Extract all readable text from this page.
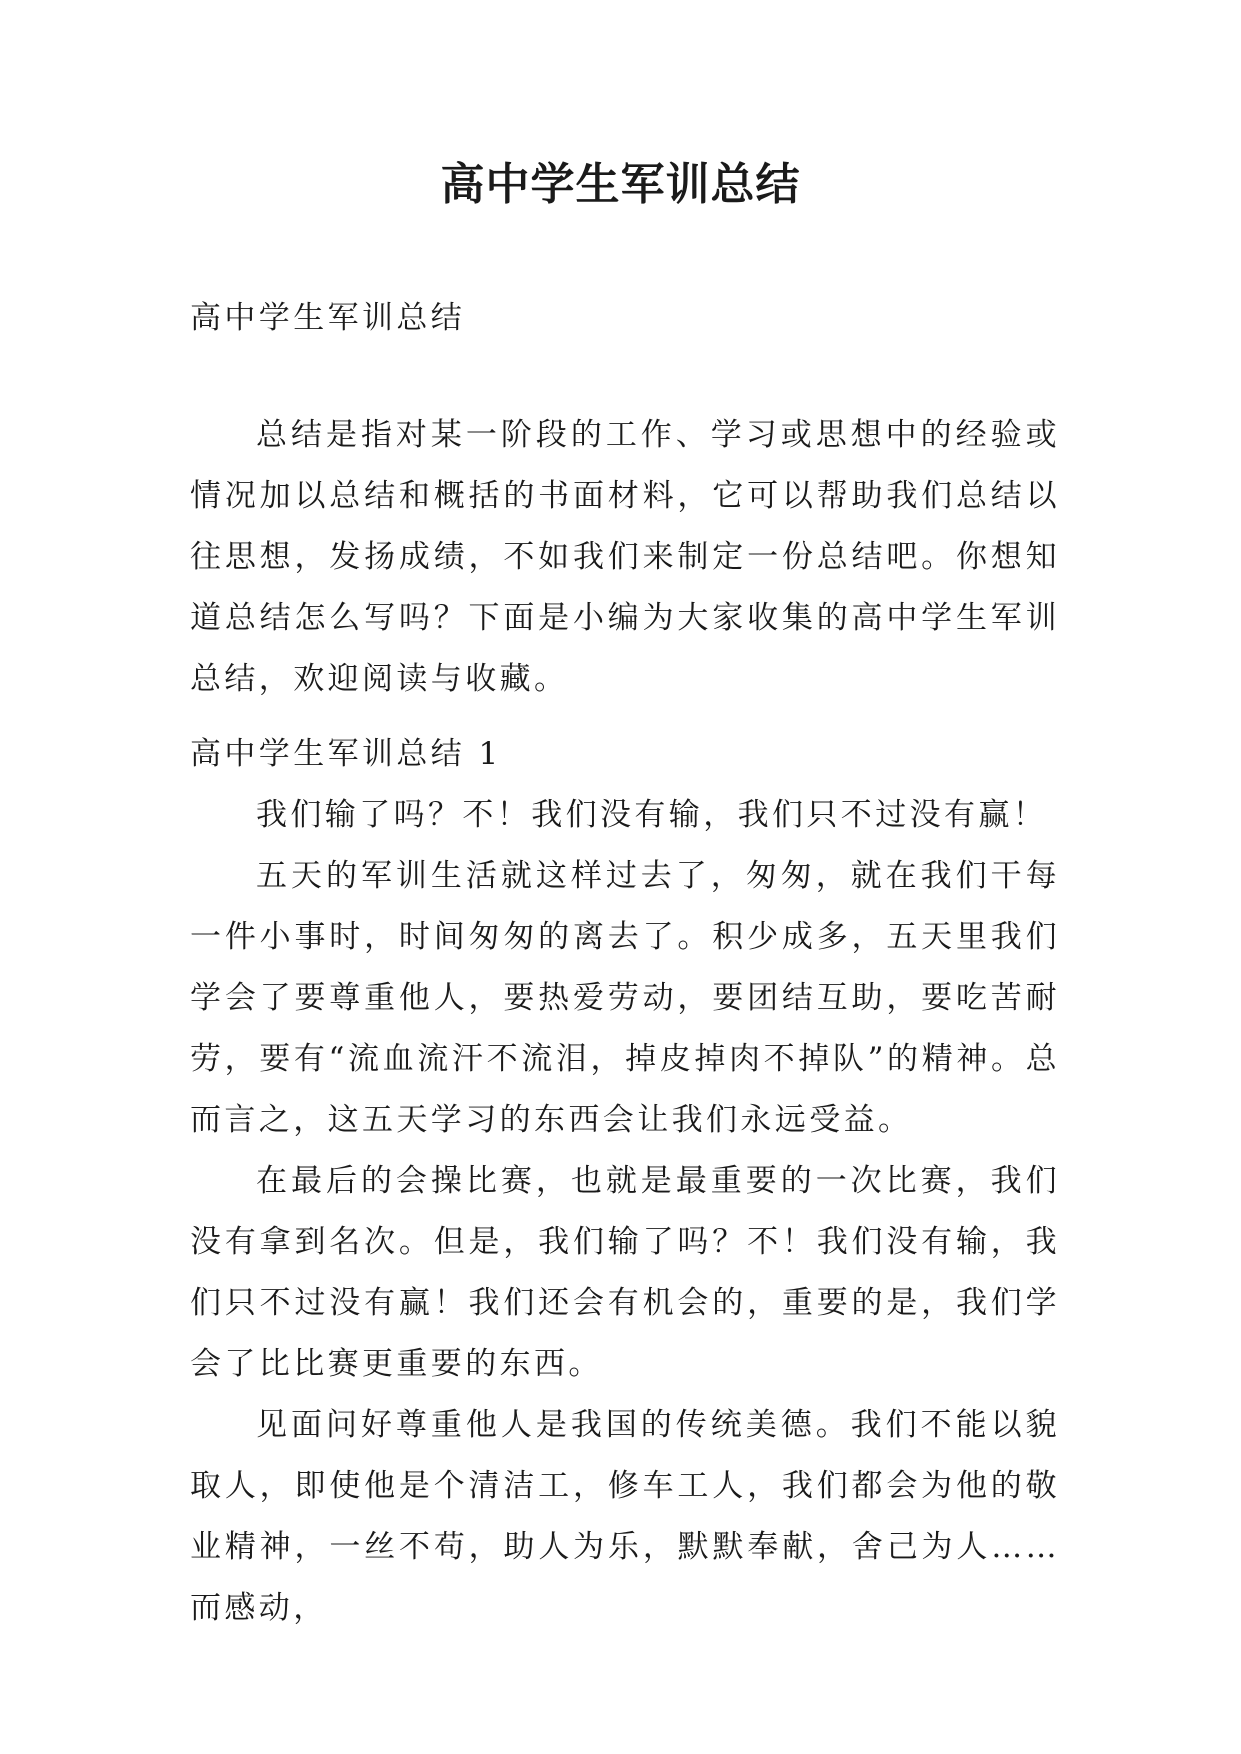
高中学生军训总结

高中学生军训总结

总结是指对某一阶段的工作、学习或思想中的经验或情况加以总结和概括的书面材料，它可以帮助我们总结以往思想，发扬成绩，不如我们来制定一份总结吧。你想知道总结怎么写吗？下面是小编为大家收集的高中学生军训总结，欢迎阅读与收藏。

高中学生军训总结 1

我们输了吗？不！我们没有输，我们只不过没有赢！

五天的军训生活就这样过去了，匆匆，就在我们干每一件小事时，时间匆匆的离去了。积少成多，五天里我们学会了要尊重他人，要热爱劳动，要团结互助，要吃苦耐劳，要有“流血流汗不流泪，掉皮掉肉不掉队”的精神。总而言之，这五天学习的东西会让我们永远受益。

在最后的会操比赛，也就是最重要的一次比赛，我们没有拿到名次。但是，我们输了吗？不！我们没有输，我们只不过没有赢！我们还会有机会的，重要的是，我们学会了比比赛更重要的东西。

见面问好尊重他人是我国的传统美德。我们不能以貌取人，即使他是个清洁工，修车工人，我们都会为他的敬业精神，一丝不苟，助人为乐，默默奉献，舍己为人……而感动，
